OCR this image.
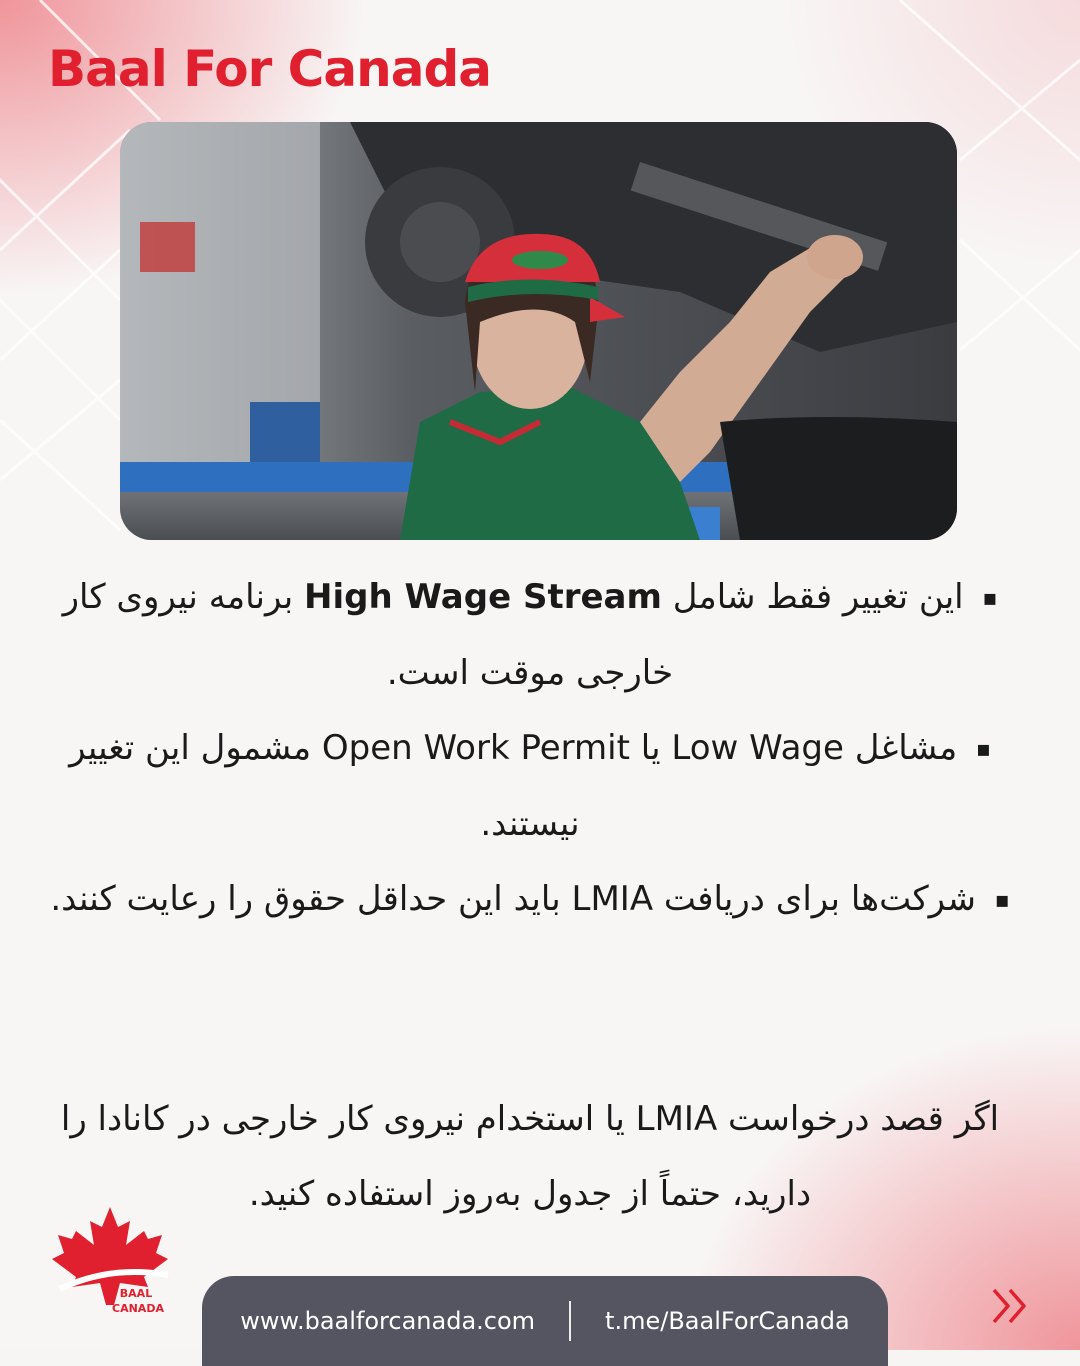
Baal For Canada

▪ این تغییر فقط شامل High Wage Stream برنامه نیروی کار خارجی موقت است.

▪ مشاغل Low Wage یا Open Work Permit مشمول این تغییر نیستند.

▪ شرکت‌ها برای دریافت LMIA باید این حداقل حقوق را رعایت کنند.

اگر قصد درخواست LMIA یا استخدام نیروی کار خارجی در کانادا را دارید، حتماً از جدول به‌روز استفاده کنید.
BAAL
CANADA	www.baalforcanada.com	t.me/BaalForCanada
